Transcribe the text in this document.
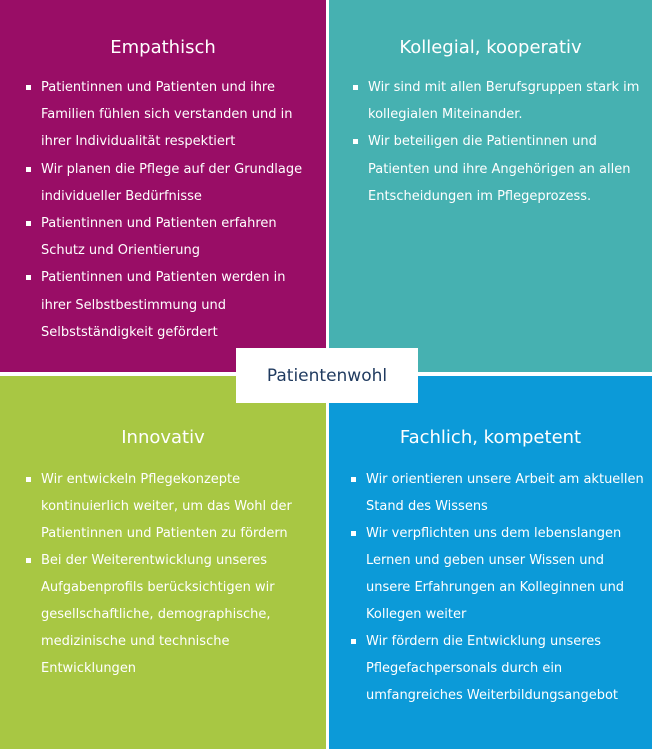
Empathisch
Patientinnen und Patienten und ihre Familien fühlen sich verstanden und in ihrer Individualität respektiert
Wir planen die Pflege auf der Grundlage individueller Bedürfnisse
Patientinnen und Patienten erfahren Schutz und Orientierung
Patientinnen und Patienten werden in ihrer Selbstbestimmung und Selbstständigkeit gefördert
Kollegial, kooperativ
Wir sind mit allen Berufsgruppen stark im kollegialen Miteinander.
Wir beteiligen die Patientinnen und Patienten und ihre Angehörigen an allen Entscheidungen im Pflegeprozess.
Innovativ
Wir entwickeln Pflegekonzepte kontinuierlich weiter, um das Wohl der Patientinnen und Patienten zu fördern
Bei der Weiterentwicklung unseres Aufgabenprofils berücksichtigen wir gesellschaftliche, demographische, medizinische und technische Entwicklungen
Fachlich, kompetent
Wir orientieren unsere Arbeit am aktuellen Stand des Wissens
Wir verpflichten uns dem lebenslangen Lernen und geben unser Wissen und unsere Erfahrungen an Kolleginnen und Kollegen weiter
Wir fördern die Entwicklung unseres Pflegefachpersonals durch ein umfangreiches Weiterbildungsangebot
Patientenwohl
